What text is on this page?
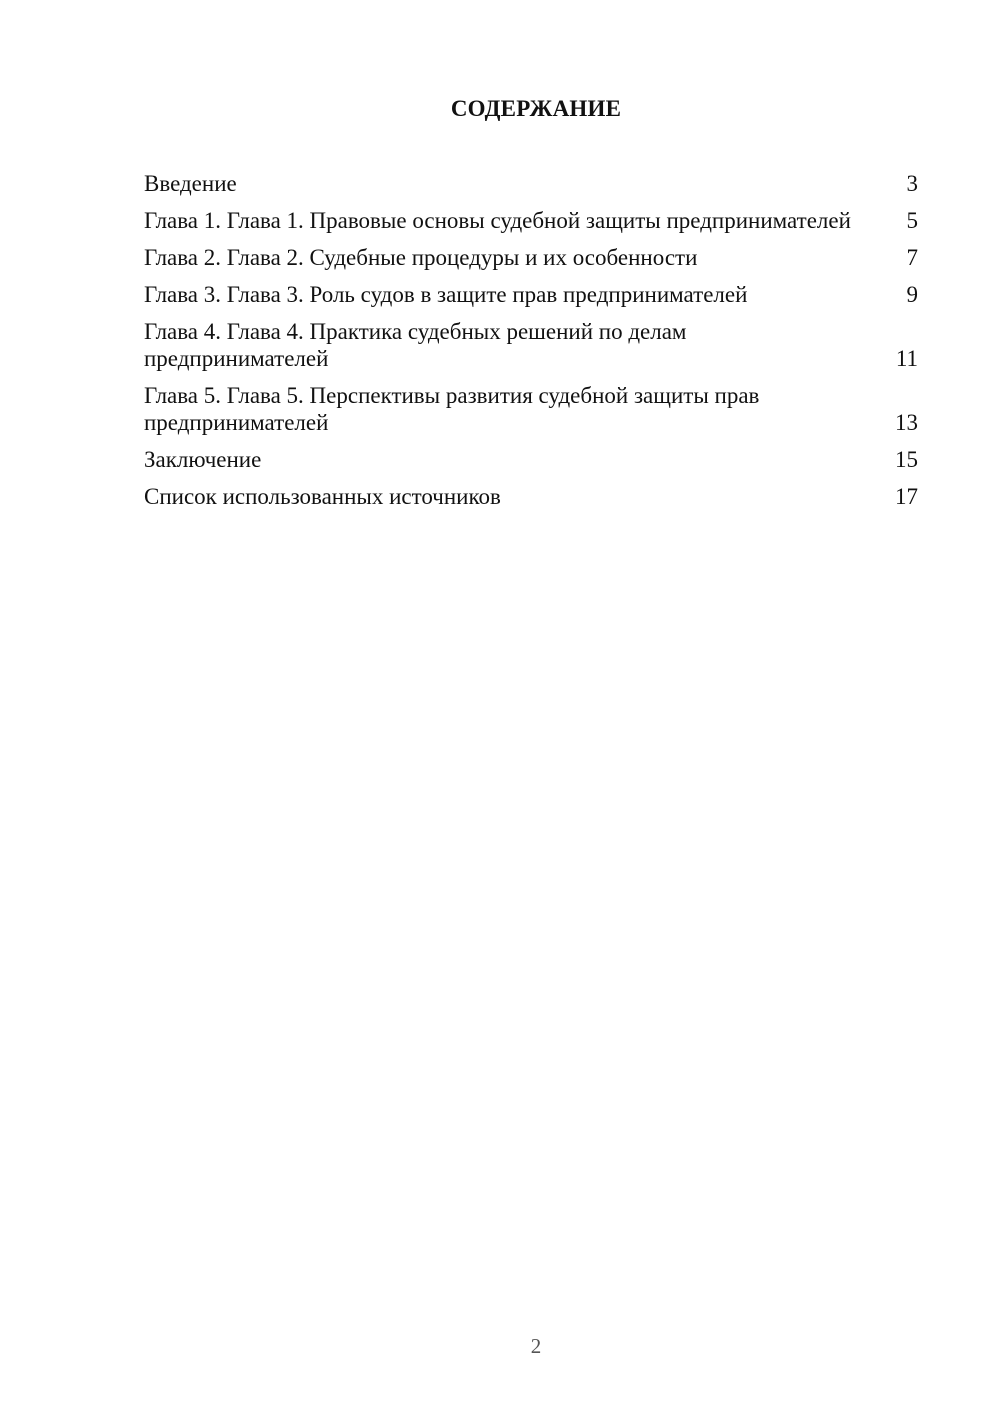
СОДЕРЖАНИЕ
Введение	3
Глава 1. Глава 1. Правовые основы судебной защиты предпринимателей	5
Глава 2. Глава 2. Судебные процедуры и их особенности	7
Глава 3. Глава 3. Роль судов в защите прав предпринимателей	9
Глава 4. Глава 4. Практика судебных решений по делам предпринимателей	11
Глава 5. Глава 5. Перспективы развития судебной защиты прав предпринимателей	13
Заключение	15
Список использованных источников	17
2
